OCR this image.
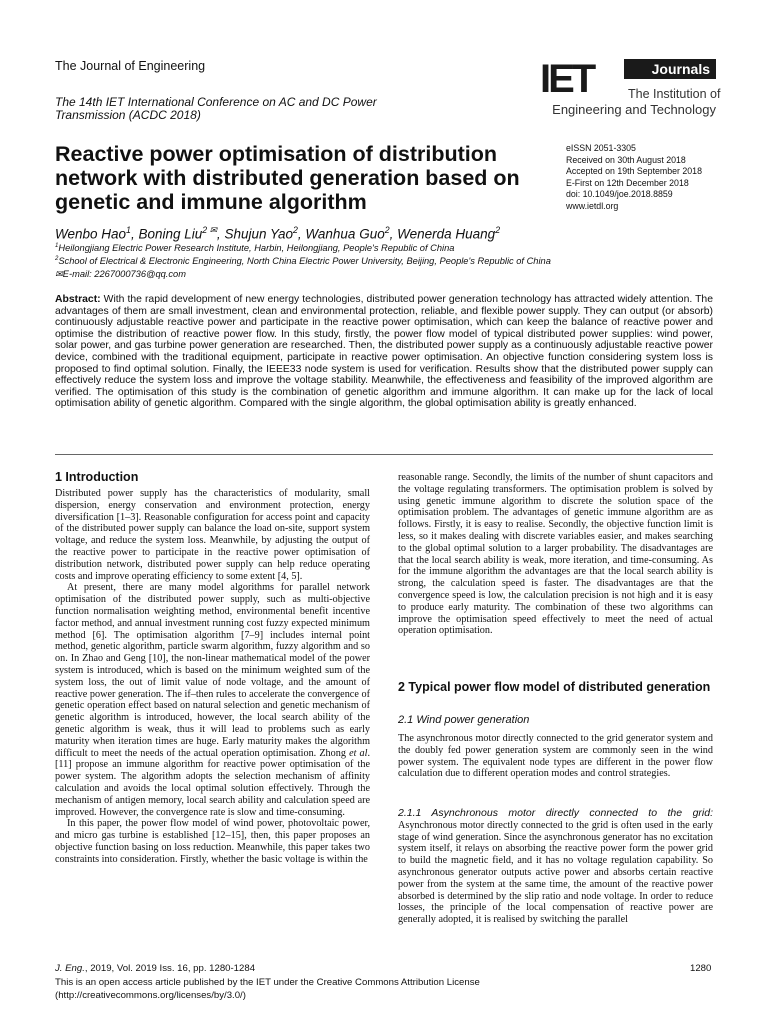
The Journal of Engineering
The 14th IET International Conference on AC and DC Power
Transmission (ACDC 2018)
IET	Journals
The Institution of
Engineering and Technology
Reactive power optimisation of distribution network with distributed generation based on genetic and immune algorithm
eISSN 2051-3305
Received on 30th August 2018
Accepted on 19th September 2018
E-First on 12th December 2018
doi: 10.1049/joe.2018.8859
www.ietdl.org
Wenbo Hao$^1$, Boning Liu$^{2 ✉}$, Shujun Yao$^2$, Wanhua Guo$^2$, Wenerda Huang$^2$
$^1$Heilongjiang Electric Power Research Institute, Harbin, Heilongjiang, People's Republic of China
$^2$School of Electrical & Electronic Engineering, North China Electric Power University, Beijing, People's Republic of China
✉E-mail: 2267000736@qq.com
Abstract: With the rapid development of new energy technologies, distributed power generation technology has attracted widely attention. The advantages of them are small investment, clean and environmental protection, reliable, and flexible power supply. They can output (or absorb) continuously adjustable reactive power and participate in the reactive power optimisation, which can keep the balance of reactive power and optimise the distribution of reactive power flow. In this study, firstly, the power flow model of typical distributed power supplies: wind power, solar power, and gas turbine power generation are researched. Then, the distributed power supply as a continuously adjustable reactive power device, combined with the traditional equipment, participate in reactive power optimisation. An objective function considering system loss is proposed to find optimal solution. Finally, the IEEE33 node system is used for verification. Results show that the distributed power supply can effectively reduce the system loss and improve the voltage stability. Meanwhile, the effectiveness and feasibility of the improved algorithm are verified. The optimisation of this study is the combination of genetic algorithm and immune algorithm. It can make up for the lack of local optimisation ability of genetic algorithm. Compared with the single algorithm, the global optimisation ability is greatly enhanced.
1 Introduction

Distributed power supply has the characteristics of modularity, small dispersion, energy conservation and environment protection, energy diversification [1–3]. Reasonable configuration for access point and capacity of the distributed power supply can balance the load on-site, support system voltage, and reduce the system loss. Meanwhile, by adjusting the output of the reactive power to participate in the reactive power optimisation of distribution network, distributed power supply can help reduce operating costs and improve operating efficiency to some extent [4, 5].

At present, there are many model algorithms for parallel network optimisation of the distributed power supply, such as multi-objective function normalisation weighting method, environmental benefit incentive factor method, and annual investment running cost fuzzy expected minimum method [6]. The optimisation algorithm [7–9] includes internal point method, genetic algorithm, particle swarm algorithm, fuzzy algorithm and so on. In Zhao and Geng [10], the non-linear mathematical model of the power system is introduced, which is based on the minimum weighted sum of the system loss, the out of limit value of node voltage, and the amount of reactive power generation. The if–then rules to accelerate the convergence of genetic operation effect based on natural selection and genetic mechanism of genetic algorithm is introduced, however, the local search ability of the genetic algorithm is weak, thus it will lead to problems such as early maturity when iteration times are huge. Early maturity makes the algorithm difficult to meet the needs of the actual operation optimisation. Zhong et al. [11] propose an immune algorithm for reactive power optimisation of the power system. The algorithm adopts the selection mechanism of affinity calculation and avoids the local optimal solution effectively. Through the mechanism of antigen memory, local search ability and calculation speed are improved. However, the convergence rate is slow and time-consuming.

In this paper, the power flow model of wind power, photovoltaic power, and micro gas turbine is established [12–15], then, this paper proposes an objective function basing on loss reduction. Meanwhile, this paper takes two constraints into consideration. Firstly, whether the basic voltage is within the

reasonable range. Secondly, the limits of the number of shunt capacitors and the voltage regulating transformers. The optimisation problem is solved by using genetic immune algorithm to discrete the solution space of the optimisation problem. The advantages of genetic immune algorithm are as follows. Firstly, it is easy to realise. Secondly, the objective function limit is less, so it makes dealing with discrete variables easier, and makes searching to the global optimal solution to a larger probability. The disadvantages are that the local search ability is weak, more iteration, and time-consuming. As for the immune algorithm the advantages are that the local search ability is strong, the calculation speed is faster. The disadvantages are that the convergence speed is low, the calculation precision is not high and it is easy to produce early maturity. The combination of these two algorithms can improve the optimisation speed effectively to meet the need of actual operation optimisation.

2 Typical power flow model of distributed generation
2.1 Wind power generation

The asynchronous motor directly connected to the grid generator system and the doubly fed power generation system are commonly seen in the wind power system. The equivalent node types are different in the power flow calculation due to different operation modes and control strategies.

2.1.1 Asynchronous motor directly connected to the grid: Asynchronous motor directly connected to the grid is often used in the early stage of wind generation. Since the asynchronous generator has no excitation system itself, it relays on absorbing the reactive power form the power grid to build the magnetic field, and it has no voltage regulation capability. So asynchronous generator outputs active power and absorbs certain reactive power from the system at the same time, the amount of the reactive power absorbed is determined by the slip ratio and node voltage. In order to reduce losses, the principle of the local compensation of reactive power are generally adopted, it is realised by switching the parallel

J. Eng., 2019, Vol. 2019 Iss. 16, pp. 1280-1284	1280
This is an open access article published by the IET under the Creative Commons Attribution License
(http://creativecommons.org/licenses/by/3.0/)
